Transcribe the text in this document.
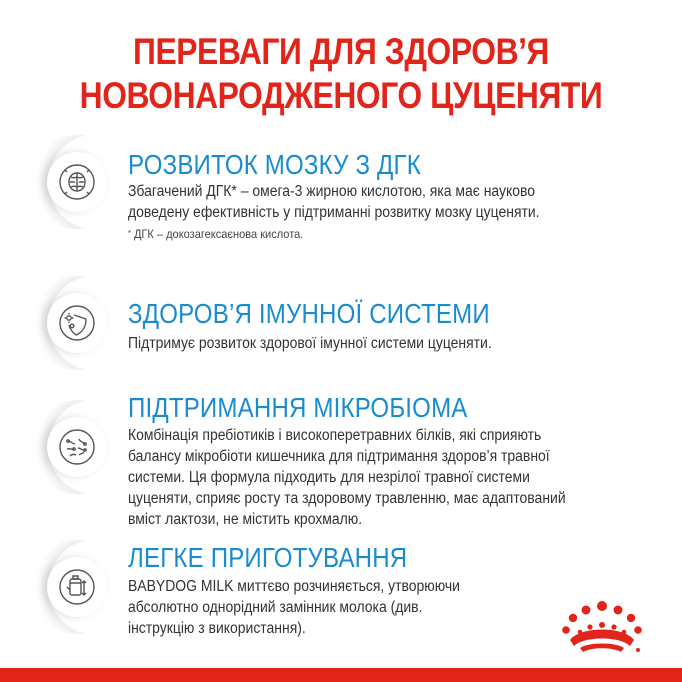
ПЕРЕВАГИ ДЛЯ ЗДОРОВ’Я
НОВОНАРОДЖЕНОГО ЦУЦЕНЯТИ
РОЗВИТОК МОЗКУ З ДГК
Збагачений ДГК* – омега-3 жирною кислотою, яка має науково
доведену ефективність у підтриманні розвитку мозку цуценяти.
* ДГК – докозагексаєнова кислота.
ЗДОРОВ’Я ІМУННОЇ СИСТЕМИ
Підтримує розвиток здорової імунної системи цуценяти.
ПІДТРИМАННЯ МІКРОБІОМА
Комбінація пребіотиків і високоперетравних білків, які сприяють
балансу мікробіоти кишечника для підтримання здоров’я травної
системи. Ця формула підходить для незрілої травної системи
цуценяти, сприяє росту та здоровому травленню, має адаптований
вміст лактози, не містить крохмалю.
ЛЕГКЕ ПРИГОТУВАННЯ
BABYDOG MILK миттєво розчиняється, утворюючи
абсолютно однорідний замінник молока (див.
інструкцію з використання).
